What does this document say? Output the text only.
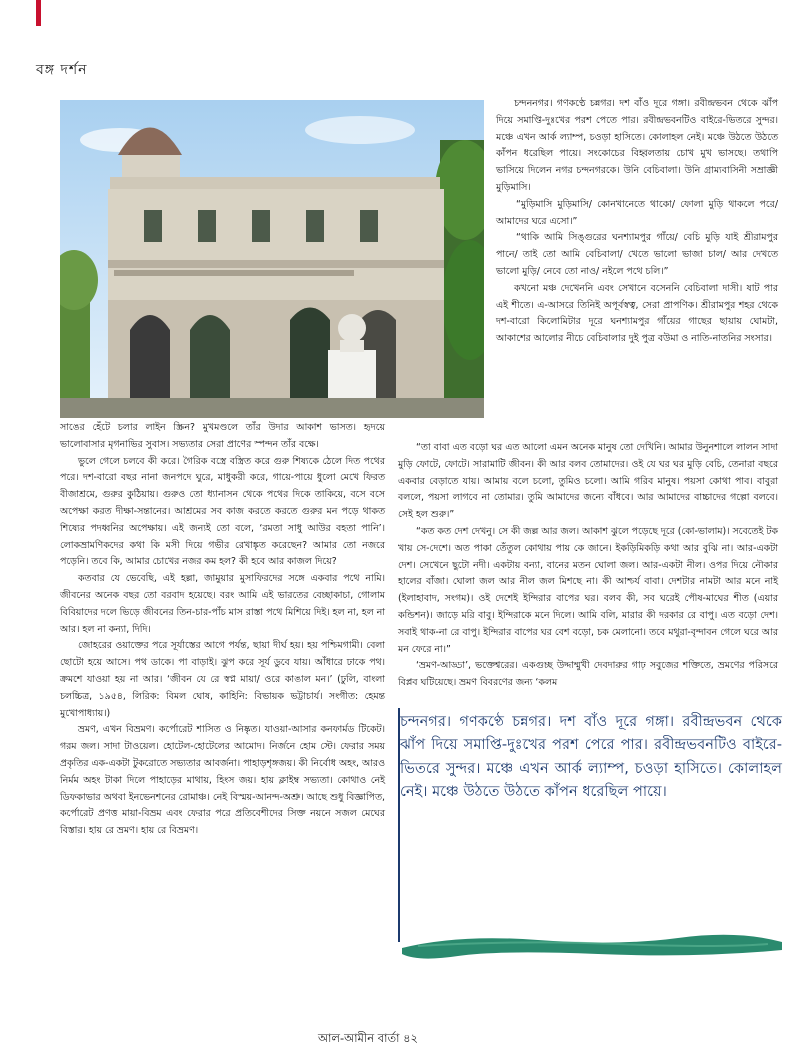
বঙ্গ দর্শন

চন্দননগর। গণকণ্ঠে চন্নগর। দশ বাঁও দূরে গঙ্গা। রবীন্দ্রভবন থেকে ঝাঁপ দিয়ে সমাপ্তি-দুঃখের পরশ পেতে পার। রবীন্দ্রভবনটিও বাইরে-ভিতরে সুন্দর। মঞ্চে এখন আর্ক ল্যাম্প, চওড়া হাসিতে। কোলাহল নেই। মঞ্চে উঠতে উঠতে কাঁপন ধরেছিল পায়ে। সংকোচের বিহ্বলতায় চোখ মুখ ভাসছে। তথাপি ভাসিয়ে দিলেন নগর চন্দনগরকে। উনি বেচিবালা। উনি গ্রাম্যবাসিনী সম্রাজ্ঞী মুড়িমাসি।

“মুড়িমাসি মুড়িমাসি/ কোনখানেতে থাকো/ ফোলা মুড়ি থাকলে পরে/ আমাদের ঘরে এসো।”

“থাকি আমি সিঙ্গুরের ঘনশ্যামপুর গাঁয়ে/ বেচি মুড়ি যাই শ্রীরামপুর পানে/ তাই তো আমি বেচিবালা/ খেতে ভালো ভাজা চাল/ আর দেখতে ভালো মুড়ি/ নেবে তো নাও/ নইলে পথে চলি।”

কখনো মঞ্চ দেখেননি এবং সেখানে বসেননি বেচিবালা দাসী। ষাট পার এই শীতে। এ-আসরে তিনিই অপূর্বস্বত্ব, সেরা প্রাপণিক। শ্রীরামপুর শহর থেকে দশ-বারো কিলোমিটার দূরে ঘনশ্যামপুর গাঁয়ের গাছের ছায়ায় ঘোমটা, আকাশের আলোর নীচে বেচিবালার দুই পুত্র বউমা ও নাতি-নাতনির সংসার।

সাঙের হেঁটে চলার লাইন স্ক্রিন? মুখমণ্ডলে তাঁর উদার আকাশ ভাসত। হৃদয়ে ভালোবাসার মৃগনাভির সুবাস। সভ্যতার সেরা প্রাণের স্পন্দন তাঁর বক্ষে।

ভুলে গেলে চলবে কী করে। গৈরিক বস্ত্রে বস্ত্রিত করে গুরু শিষ্যকে ঠেলে দিত পথের পরে। দশ-বারো বছর নানা জনপদে ঘুরে, মাধুকরী করে, গায়ে-পায়ে ধুলো মেখে ফিরত বীজাশ্রমে, গুরুর কুঠিয়ায়। গুরুও তো ধ্যানাসন থেকে পথের দিকে তাকিয়ে, বসে বসে অপেক্ষা করত দীক্ষা-সন্তানের। আশ্রমের সব কাজ করতে করতে গুরুর মন পড়ে থাকত শিষ্যের পদধ্বনির অপেক্ষায়। এই জন্যই তো বলে, ‘রমতা সাধু আউর বহতা পানি’। লোকভ্রামণিকদের কথা কি মসী দিয়ে গভীর রেখাঙ্কৃত করেছেন? আমার তো নজরে পড়েনি। তবে কি, আমার চোখের নজর কম হল? কী হবে আর কাজল দিয়ে?

কতবার যে ভেবেছি, এই হল্লা, জামুয়ার মুসাফিরদের সঙ্গে একবার পথে নামি। জীবনের অনেক বছর তো বরবাদ হয়েছে। বরং আমি এই ভারতের বেচ্ছাকাচা, গোলাম বিবিয়াদের দলে ভিড়ে জীবনের তিন-চার-পাঁচ মাস রাস্তা পথে মিশিয়ে দিই। হল না, হল না আর। হল না কন্যা, দিদি।

জোহরের ওয়াক্তের পরে সূর্যাস্তের আগে পর্যন্ত, ছায়া দীর্ঘ হয়। হয় পশ্চিমগামী। বেলা ছোটো হয়ে আসে। পথ ডাকে। পা বাড়াই। ঝুপ করে সূর্য ডুবে যায়। আঁধারে ঢাকে পথ। ক্রমশে যাওয়া হয় না আর। ‘জীবন যে রে স্বপ্ন মায়া/ ওরে কাঙাল মন।’ (ঢুলি, বাংলা চলচ্চিত্র, ১৯৫৪, লিরিক: বিমল ঘোষ, কাহিনি: বিভায়ক ভট্টাচার্য। সংগীত: হেমন্ত মুখোপাধ্যায়।)

ভ্রমণ, এখন বিভ্রমণ। কর্পোরেট শাসিত ও নিষ্কৃত। যাওয়া-আসার কনফার্মড টিকেট। গরম জল। সাদা টাওয়েল। হোটেল-হোটেলের আমোদ। নির্জনে হোম স্টে। ফেরার সময় প্রকৃতির এক-একটা টুকরোতে সভ্যতার আবর্জনা। পাহাড়শৃঙ্গজয়। কী নির্বোধ অহং, আরও নির্মম অহং টাকা দিলে পাহাড়ের মাথায়, হিংস জয়। হায় ক্লাইম্ব সভ্যতা। কোথাও নেই ডিফকাভার অথবা ইনভেনশনের রোমাঞ্চ। নেই বিস্ময়-আনন্দ-অশ্রু। আছে শুধু বিজ্ঞাপিত, কর্পোরেট প্রণত্ত মায়া-বিভ্রম এবং ফেরার পরে প্রতিবেশীদের সিক্ত নয়নে সজল মেঘের বিস্তার। হায় রে ভ্রমণ। হায় রে বিভ্রমণ।

“তা বাবা এত বড়ো ঘর এত আলো এমন অনেক মানুষ তো দেখিনি। আমার উনুনশালে লালন সাদা মুড়ি ফোটে, ফোটে। সারামাটি জীবন। কী আর বলব তোমাদের। ওই যে ঘর ঘর মুড়ি বেচি, তেনারা বছরে একবার বেড়াতে যায়। আমায় বলে চলো, তুমিও চলো। আমি গরিব মানুষ। পয়সা কোথা পাব। বাবুরা বললে, পয়সা লাগবে না তোমার। তুমি আমাদের জন্যে বাঁধবে। আর আমাদের বাচ্চাদের গল্পো বলবে। সেই হল শুরু।”

“কত কত দেশ দেখনু। সে কী জল্ল আর জল। আকাশ ঝুলে পড়েছে দূরে (কো-ভালাম)। সবেতেই টক খায় সে-দেশে। অত পাকা তেঁতুল কোথায় পায় কে জানে। ইকড়িমিকড়ি কথা আর বুঝি না। আর-একটা দেশ। সেখেনে ছুটো নদী। একটায় বন্যা, বানের মতন ঘোলা জল। আর-একটা নীল। ওপর দিয়ে নৌকার হালের বাঁজা। ঘোলা জল আর নীল জল মিশছে না। কী আশ্চর্য বাবা। দেশটার নামটা আর মনে নাই (ইলাহাবাদ, সংগম)। ওই দেশেই ইন্দিরার বাপের ঘর। বলব কী, সব ঘরেই পৌষ-মাঘের শীত (এয়ার কন্ডিশন)। জাড়ে মরি বাবু। ইন্দিরাকে মনে দিলে। আমি বলি, মারার কী দরকার রে বাপু। এত বড়ো দেশ। সবাই থাক-না রে বাপু। ইন্দিরার বাপের ঘর বেশ বড়ো, চক মেলানো। তবে মথুরা-বৃন্দাবন গেলে ঘরে আর মন ফেরে না।”

‘ভ্রমণ-আড্ডা’, ভক্তেশ্বরের। একগুচ্ছ উদ্দাম্মুখী দেবদারুর গাঢ় সবুজের শক্তিতে, ভ্রমণের পরিসরে বিপ্লব ঘটিয়েছে। ভ্রমণ বিবরণের জন্য ‘কলম

চন্দনগর। গণকণ্ঠে চন্নগর। দশ বাঁও দূরে গঙ্গা। রবীন্দ্রভবন থেকে ঝাঁপ দিয়ে সমাপ্তি-দুঃখের পরশ পেরে পার। রবীন্দ্রভবনটিও বাইরে-ভিতরে সুন্দর। মঞ্চে এখন আর্ক ল্যাম্প, চওড়া হাসিতে। কোলাহল নেই। মঞ্চে উঠতে উঠতে কাঁপন ধরেছিল পায়ে।
আল-আমীন বার্তা ৪২
